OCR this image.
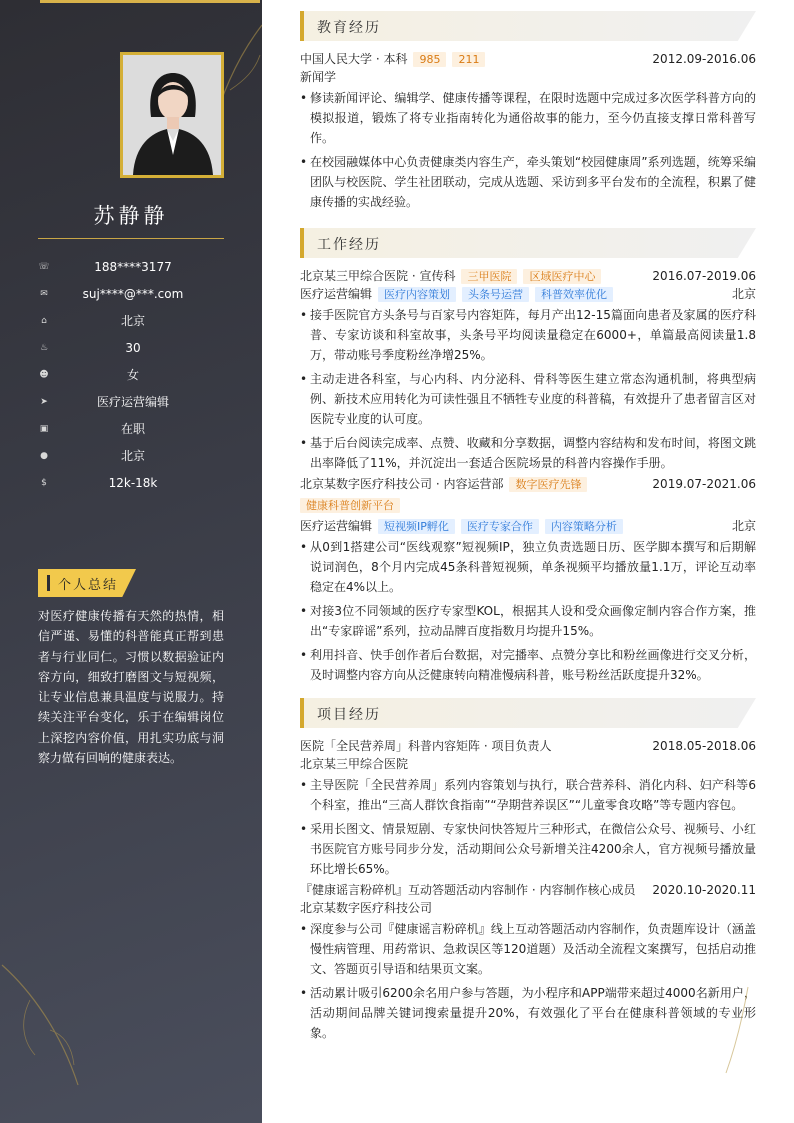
苏静静
☏	188****3177
✉	suj****@***.com
⌂	北京
♨	30
☻	女
➤	医疗运营编辑
▣	在职
●	北京
$	12k-18k
个人总结
对医疗健康传播有天然的热情，相信严谨、易懂的科普能真正帮到患者与行业同仁。习惯以数据验证内容方向，细致打磨图文与短视频，让专业信息兼具温度与说服力。持续关注平台变化，乐于在编辑岗位上深挖内容价值，用扎实功底与洞察力做有回响的健康表达。
教育经历
中国人民大学 · 本科 985 211	2012.09-2016.06
新闻学
• 修读新闻评论、编辑学、健康传播等课程，在限时选题中完成过多次医学科普方向的模拟报道，锻炼了将专业指南转化为通俗故事的能力，至今仍直接支撑日常科普写作。
• 在校园融媒体中心负责健康类内容生产，牵头策划“校园健康周”系列选题，统筹采编团队与校医院、学生社团联动，完成从选题、采访到多平台发布的全流程，积累了健康传播的实战经验。
工作经历
北京某三甲综合医院 · 宣传科 三甲医院 区域医疗中心	2016.07-2019.06
医疗运营编辑 医疗内容策划 头条号运营 科普效率优化	北京
• 接手医院官方头条号与百家号内容矩阵，每月产出12-15篇面向患者及家属的医疗科普、专家访谈和科室故事，头条号平均阅读量稳定在6000+，单篇最高阅读量1.8万，带动账号季度粉丝净增25%。
• 主动走进各科室，与心内科、内分泌科、骨科等医生建立常态沟通机制，将典型病例、新技术应用转化为可读性强且不牺牲专业度的科普稿，有效提升了患者留言区对医院专业度的认可度。
• 基于后台阅读完成率、点赞、收藏和分享数据，调整内容结构和发布时间，将图文跳出率降低了11%，并沉淀出一套适合医院场景的科普内容操作手册。
北京某数字医疗科技公司 · 内容运营部 数字医疗先锋	2019.07-2021.06
健康科普创新平台
医疗运营编辑 短视频IP孵化 医疗专家合作 内容策略分析	北京
• 从0到1搭建公司“医线观察”短视频IP，独立负责选题日历、医学脚本撰写和后期解说词润色，8个月内完成45条科普短视频，单条视频平均播放量1.1万，评论互动率稳定在4%以上。
• 对接3位不同领域的医疗专家型KOL，根据其人设和受众画像定制内容合作方案，推出“专家辟谣”系列，拉动品牌百度指数月均提升15%。
• 利用抖音、快手创作者后台数据，对完播率、点赞分享比和粉丝画像进行交叉分析，及时调整内容方向从泛健康转向精准慢病科普，账号粉丝活跃度提升32%。
项目经历
医院「全民营养周」科普内容矩阵 · 项目负责人	2018.05-2018.06
北京某三甲综合医院
• 主导医院「全民营养周」系列内容策划与执行，联合营养科、消化内科、妇产科等6个科室，推出“三高人群饮食指南”“孕期营养误区”“儿童零食攻略”等专题内容包。
• 采用长图文、情景短剧、专家快问快答短片三种形式，在微信公众号、视频号、小红书医院官方账号同步分发，活动期间公众号新增关注4200余人，官方视频号播放量环比增长65%。
『健康谣言粉碎机』互动答题活动内容制作 · 内容制作核心成员	2020.10-2020.11
北京某数字医疗科技公司
• 深度参与公司『健康谣言粉碎机』线上互动答题活动内容制作，负责题库设计（涵盖慢性病管理、用药常识、急救误区等120道题）及活动全流程文案撰写，包括启动推文、答题页引导语和结果页文案。
• 活动累计吸引6200余名用户参与答题，为小程序和APP端带来超过4000名新用户，活动期间品牌关键词搜索量提升20%，有效强化了平台在健康科普领域的专业形象。
